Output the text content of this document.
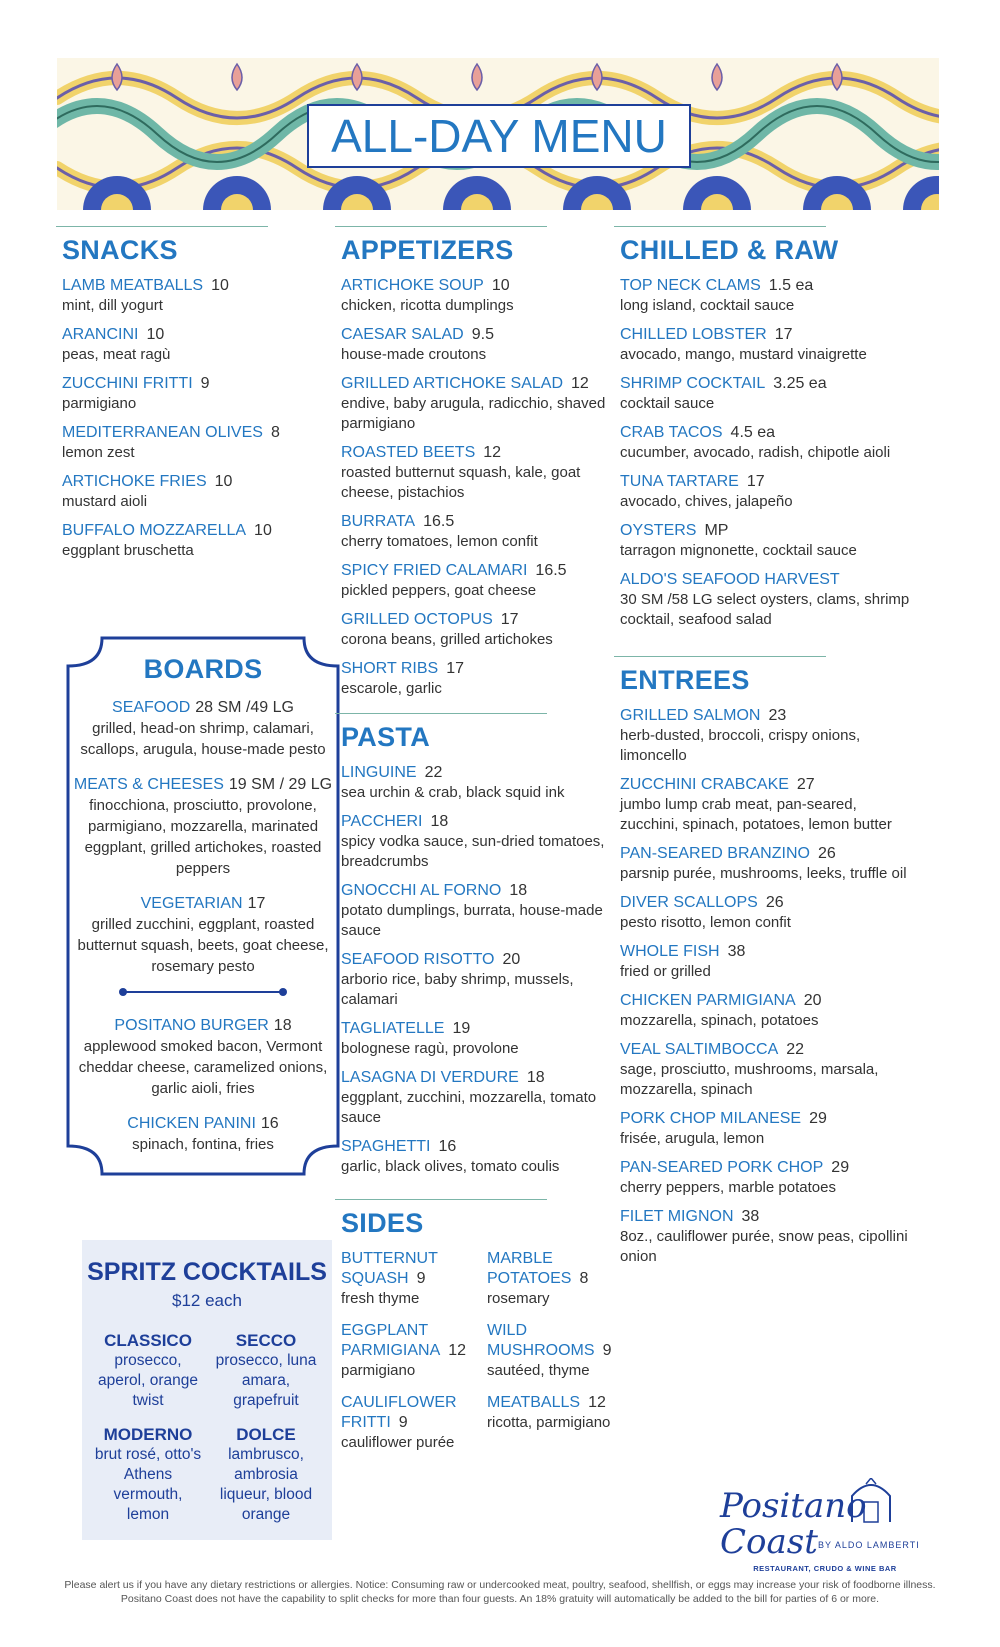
ALL-DAY MENU
SNACKS
LAMB MEATBALLS 10
mint, dill yogurt
ARANCINI 10
peas, meat ragù
ZUCCHINI FRITTI 9
parmigiano
MEDITERRANEAN OLIVES 8
lemon zest
ARTICHOKE FRIES 10
mustard aioli
BUFFALO MOZZARELLA 10
eggplant bruschetta
BOARDS
SEAFOOD 28 SM /49 LG
grilled, head-on shrimp, calamari, scallops, arugula, house-made pesto
MEATS & CHEESES 19 SM / 29 LG
finocchiona, prosciutto, provolone, parmigiano, mozzarella, marinated eggplant, grilled artichokes, roasted peppers
VEGETARIAN 17
grilled zucchini, eggplant, roasted butternut squash, beets, goat cheese, rosemary pesto
POSITANO BURGER 18
applewood smoked bacon, Vermont cheddar cheese, caramelized onions, garlic aioli, fries
CHICKEN PANINI 16
spinach, fontina, fries
SPRITZ COCKTAILS
$12 each
CLASSICO
prosecco, aperol, orange twist
SECCO
prosecco, luna amara, grapefruit
MODERNO
brut rosé, otto's Athens vermouth, lemon
DOLCE
lambrusco, ambrosia liqueur, blood orange
APPETIZERS
ARTICHOKE SOUP 10
chicken, ricotta dumplings
CAESAR SALAD 9.5
house-made croutons
GRILLED ARTICHOKE SALAD 12
endive, baby arugula, radicchio, shaved parmigiano
ROASTED BEETS 12
roasted butternut squash, kale, goat cheese, pistachios
BURRATA 16.5
cherry tomatoes, lemon confit
SPICY FRIED CALAMARI 16.5
pickled peppers, goat cheese
GRILLED OCTOPUS 17
corona beans, grilled artichokes
SHORT RIBS 17
escarole, garlic
PASTA
LINGUINE 22
sea urchin & crab, black squid ink
PACCHERI 18
spicy vodka sauce, sun-dried tomatoes, breadcrumbs
GNOCCHI AL FORNO 18
potato dumplings, burrata, house-made sauce
SEAFOOD RISOTTO 20
arborio rice, baby shrimp, mussels, calamari
TAGLIATELLE 19
bolognese ragù, provolone
LASAGNA DI VERDURE 18
eggplant, zucchini, mozzarella, tomato sauce
SPAGHETTI 16
garlic, black olives, tomato coulis
SIDES
BUTTERNUT SQUASH 9
fresh thyme
MARBLE POTATOES 8
rosemary
EGGPLANT PARMIGIANA 12
parmigiano
WILD MUSHROOMS 9
sautéed, thyme
CAULIFLOWER FRITTI 9
cauliflower purée
MEATBALLS 12
ricotta, parmigiano
CHILLED & RAW
TOP NECK CLAMS 1.5 ea
long island, cocktail sauce
CHILLED LOBSTER 17
avocado, mango, mustard vinaigrette
SHRIMP COCKTAIL 3.25 ea
cocktail sauce
CRAB TACOS 4.5 ea
cucumber, avocado, radish, chipotle aioli
TUNA TARTARE 17
avocado, chives, jalapeño
OYSTERS MP
tarragon mignonette, cocktail sauce
ALDO'S SEAFOOD HARVEST
30 SM /58 LG select oysters, clams, shrimp cocktail, seafood salad
ENTREES
GRILLED SALMON 23
herb-dusted, broccoli, crispy onions, limoncello
ZUCCHINI CRABCAKE 27
jumbo lump crab meat, pan-seared, zucchini, spinach, potatoes, lemon butter
PAN-SEARED BRANZINO 26
parsnip purée, mushrooms, leeks, truffle oil
DIVER SCALLOPS 26
pesto risotto, lemon confit
WHOLE FISH 38
fried or grilled
CHICKEN PARMIGIANA 20
mozzarella, spinach, potatoes
VEAL SALTIMBOCCA 22
sage, prosciutto, mushrooms, marsala, mozzarella, spinach
PORK CHOP MILANESE 29
frisée, arugula, lemon
PAN-SEARED PORK CHOP 29
cherry peppers, marble potatoes
FILET MIGNON 38
8oz., cauliflower purée, snow peas, cipollini onion
Positano
Coast BY ALDO LAMBERTI
RESTAURANT, CRUDO & WINE BAR
Please alert us if you have any dietary restrictions or allergies. Notice: Consuming raw or undercooked meat, poultry, seafood, shellfish, or eggs may increase your risk of foodborne illness. Positano Coast does not have the capability to split checks for more than four guests. An 18% gratuity will automatically be added to the bill for parties of 6 or more.
